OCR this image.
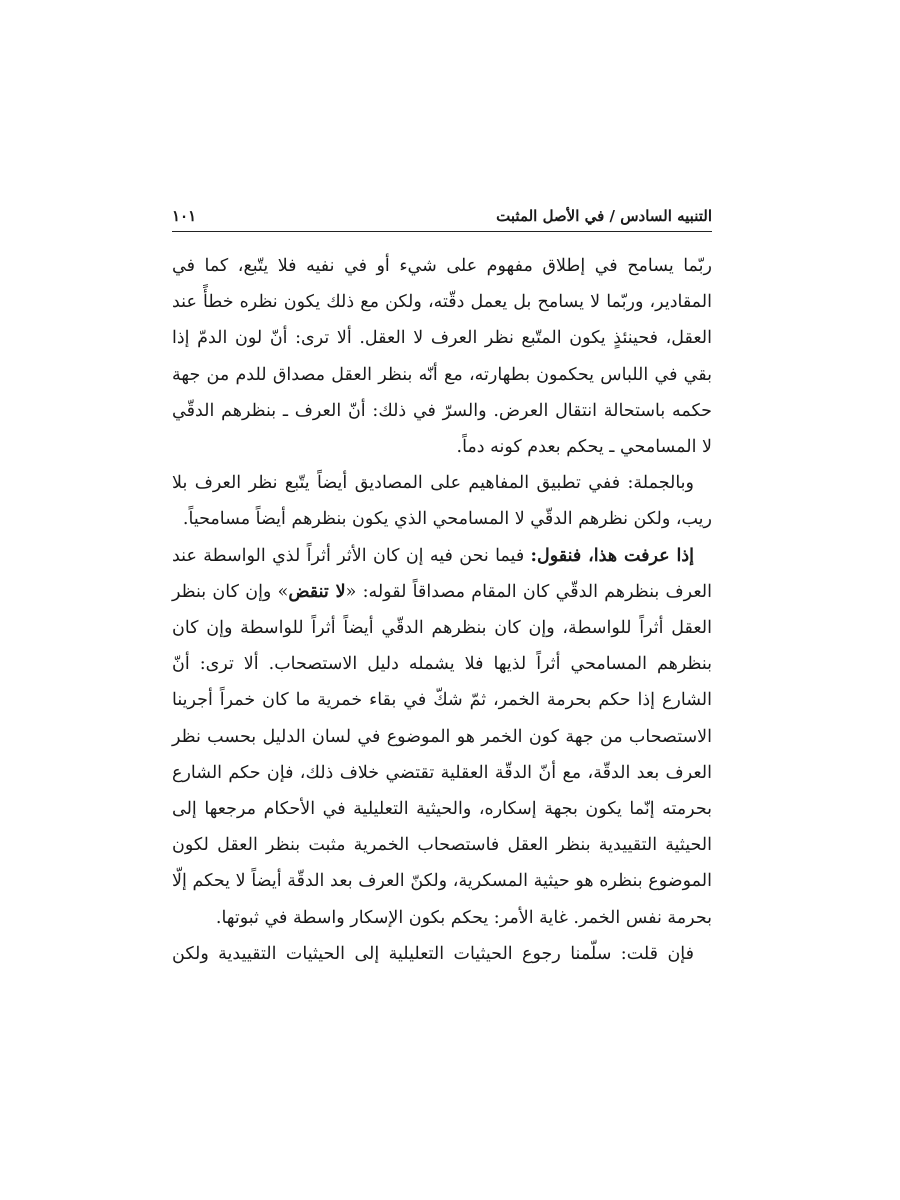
التنبيه السادس / في الأصل المثبت
١٠١

ربّما يسامح في إطلاق مفهوم على شيء أو في نفيه فلا يتّبع، كما في المقادير، وربّما لا يسامح بل يعمل دقّته، ولكن مع ذلك يكون نظره خطأً عند العقل، فحينئذٍ يكون المتّبع نظر العرف لا العقل. ألا ترى: أنّ لون الدمّ إذا بقي في اللباس يحكمون بطهارته، مع أنّه بنظر العقل مصداق للدم من جهة حكمه باستحالة انتقال العرض. والسرّ في ذلك: أنّ العرف ـ بنظرهم الدقّي لا المسامحي ـ يحكم بعدم كونه دماً.

وبالجملة: ففي تطبيق المفاهيم على المصاديق أيضاً يتّبع نظر العرف بلا ريب، ولكن نظرهم الدقّي لا المسامحي الذي يكون بنظرهم أيضاً مسامحياً.

إذا عرفت هذا، فنقول: فيما نحن فيه إن كان الأثر أثراً لذي الواسطة عند العرف بنظرهم الدقّي كان المقام مصداقاً لقوله: «لا تنقض» وإن كان بنظر العقل أثراً للواسطة، وإن كان بنظرهم الدقّي أيضاً أثراً للواسطة وإن كان بنظرهم المسامحي أثراً لذيها فلا يشمله دليل الاستصحاب. ألا ترى: أنّ الشارع إذا حكم بحرمة الخمر، ثمّ شكّ في بقاء خمرية ما كان خمراً أجرينا الاستصحاب من جهة كون الخمر هو الموضوع في لسان الدليل بحسب نظر العرف بعد الدقّة، مع أنّ الدقّة العقلية تقتضي خلاف ذلك، فإن حكم الشارع بحرمته إنّما يكون بجهة إسكاره، والحيثية التعليلية في الأحكام مرجعها إلى الحيثية التقييدية بنظر العقل فاستصحاب الخمرية مثبت بنظر العقل لكون الموضوع بنظره هو حيثية المسكرية، ولكنّ العرف بعد الدقّة أيضاً لا يحكم إلّا بحرمة نفس الخمر. غاية الأمر: يحكم بكون الإسكار واسطة في ثبوتها.

فإن قلت: سلّمنا رجوع الحيثيات التعليلية إلى الحيثيات التقييدية ولكن
